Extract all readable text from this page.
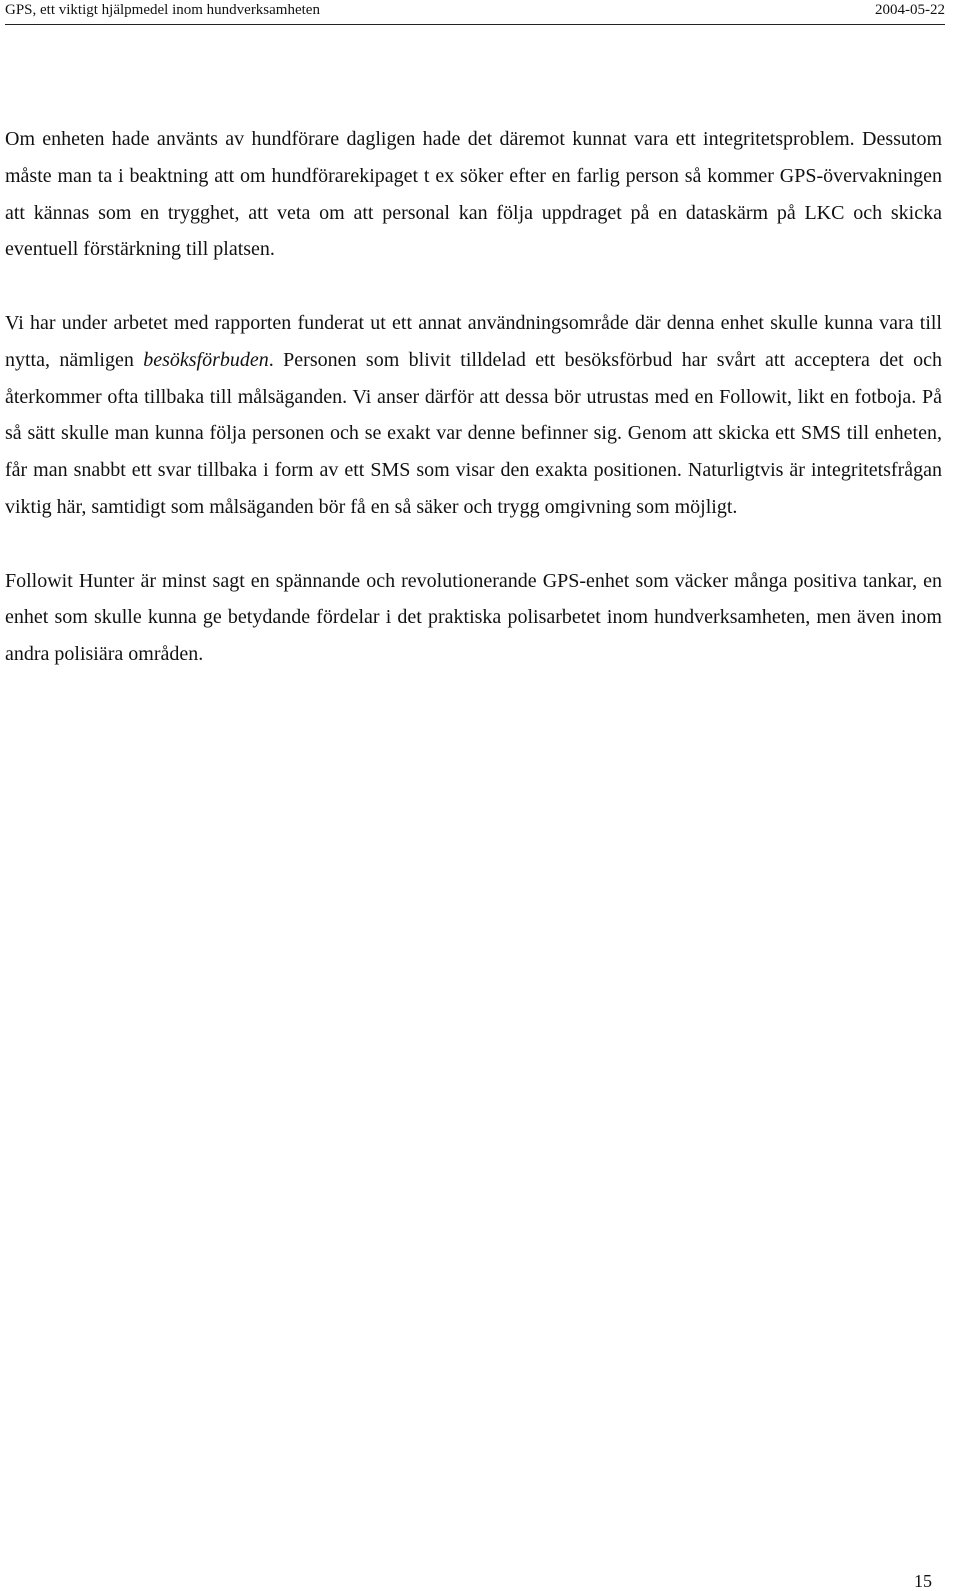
GPS, ett viktigt hjälpmedel inom hundverksamheten	2004-05-22

Om enheten hade använts av hundförare dagligen hade det däremot kunnat vara ett integritetsproblem. Dessutom måste man ta i beaktning att om hundförarekipaget t ex söker efter en farlig person så kommer GPS-övervakningen att kännas som en trygghet, att veta om att personal kan följa uppdraget på en dataskärm på LKC och skicka eventuell förstärkning till platsen.

Vi har under arbetet med rapporten funderat ut ett annat användningsområde där denna enhet skulle kunna vara till nytta, nämligen besöksförbuden. Personen som blivit tilldelad ett besöksförbud har svårt att acceptera det och återkommer ofta tillbaka till målsäganden. Vi anser därför att dessa bör utrustas med en Followit, likt en fotboja. På så sätt skulle man kunna följa personen och se exakt var denne befinner sig. Genom att skicka ett SMS till enheten, får man snabbt ett svar tillbaka i form av ett SMS som visar den exakta positionen. Naturligtvis är integritetsfrågan viktig här, samtidigt som målsäganden bör få en så säker och trygg omgivning som möjligt.

Followit Hunter är minst sagt en spännande och revolutionerande GPS-enhet som väcker många positiva tankar, en enhet som skulle kunna ge betydande fördelar i det praktiska polisarbetet inom hundverksamheten, men även inom andra polisiära områden.

15
